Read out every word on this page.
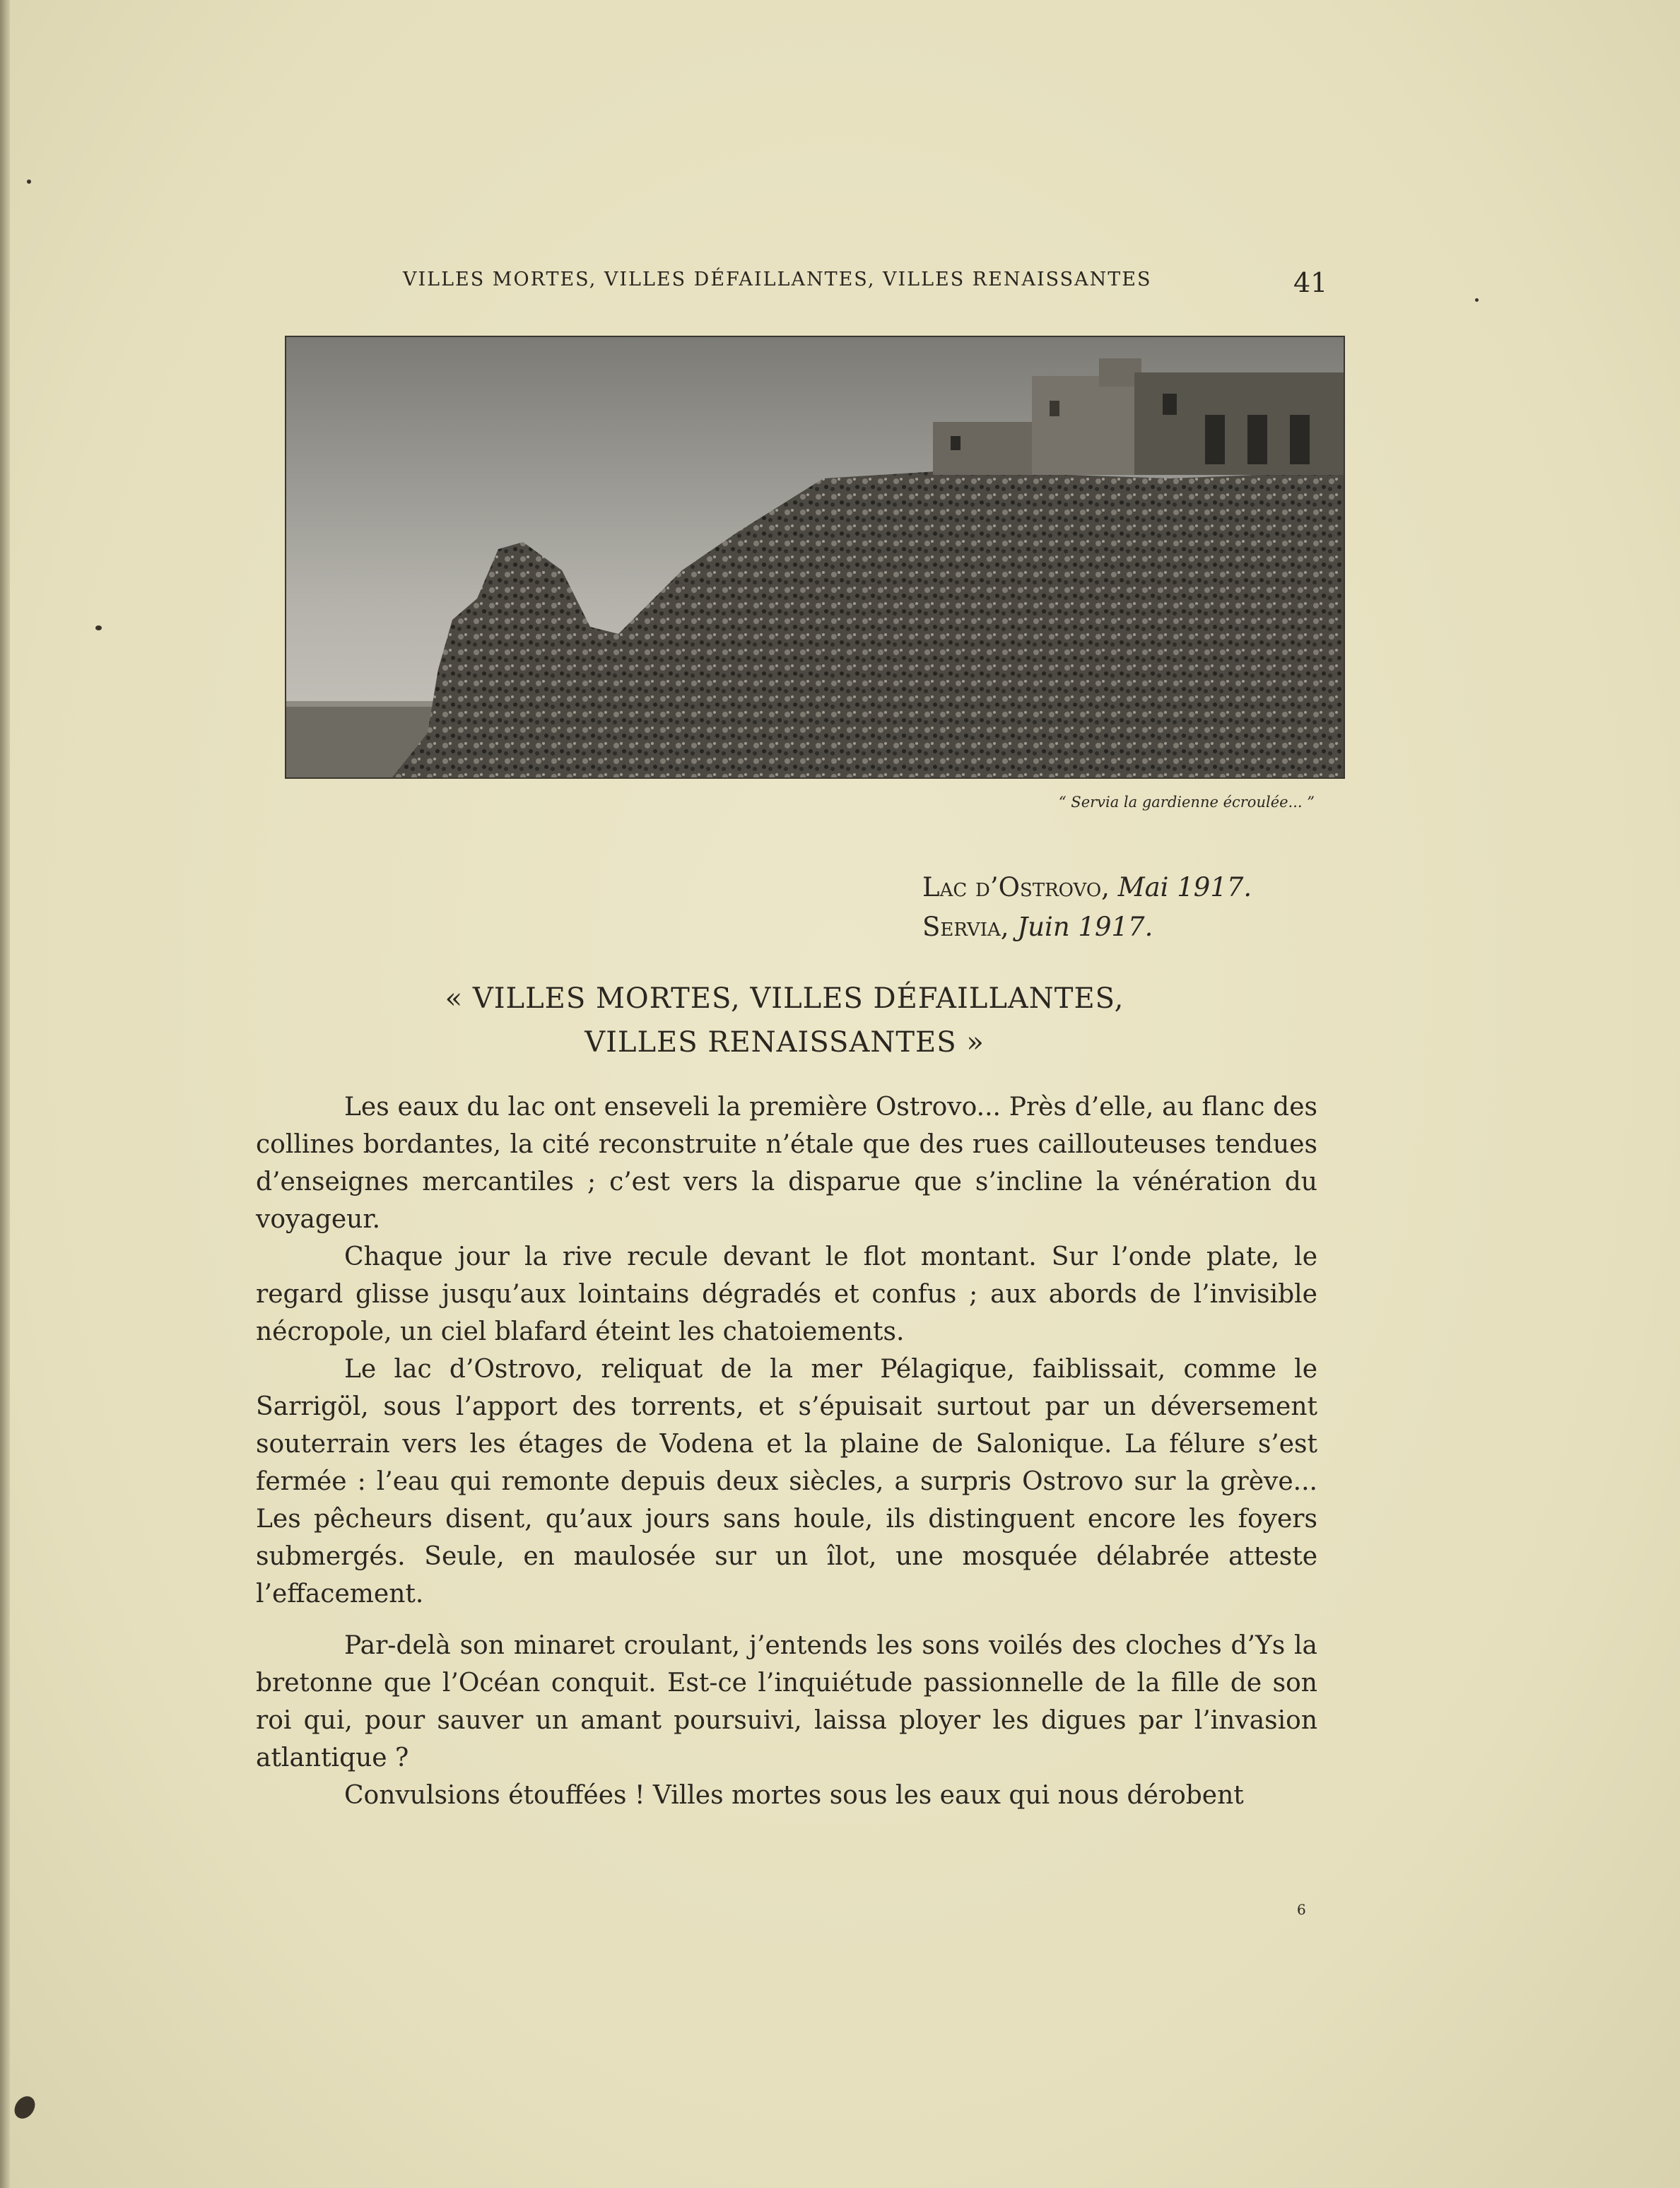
VILLES MORTES, VILLES DÉFAILLANTES, VILLES RENAISSANTES	41
“ Servia la gardienne écroulée... ”
Lac d’Ostrovo, Mai 1917.
Servia, Juin 1917.
« VILLES MORTES, VILLES DÉFAILLANTES,
VILLES RENAISSANTES »

Les eaux du lac ont enseveli la première Ostrovo... Près d’elle, au flanc des collines bordantes, la cité reconstruite n’étale que des rues caillouteuses tendues d’enseignes mercantiles ; c’est vers la disparue que s’incline la vénération du voyageur.

Chaque jour la rive recule devant le flot montant. Sur l’onde plate, le regard glisse jusqu’aux lointains dégradés et confus ; aux abords de l’invisible nécropole, un ciel blafard éteint les chatoiements.

Le lac d’Ostrovo, reliquat de la mer Pélagique, faiblissait, comme le Sarrigöl, sous l’apport des torrents, et s’épuisait surtout par un déversement souterrain vers les étages de Vodena et la plaine de Salonique. La félure s’est fermée : l’eau qui remonte depuis deux siècles, a surpris Ostrovo sur la grève... Les pêcheurs disent, qu’aux jours sans houle, ils distinguent encore les foyers submergés. Seule, en maulosée sur un îlot, une mosquée délabrée atteste l’effacement.

Par-delà son minaret croulant, j’entends les sons voilés des cloches d’Ys la bretonne que l’Océan conquit. Est-ce l’inquiétude passionnelle de la fille de son roi qui, pour sauver un amant poursuivi, laissa ployer les digues par l’invasion atlantique ?

Convulsions étouffées ! Villes mortes sous les eaux qui nous dérobent

6
